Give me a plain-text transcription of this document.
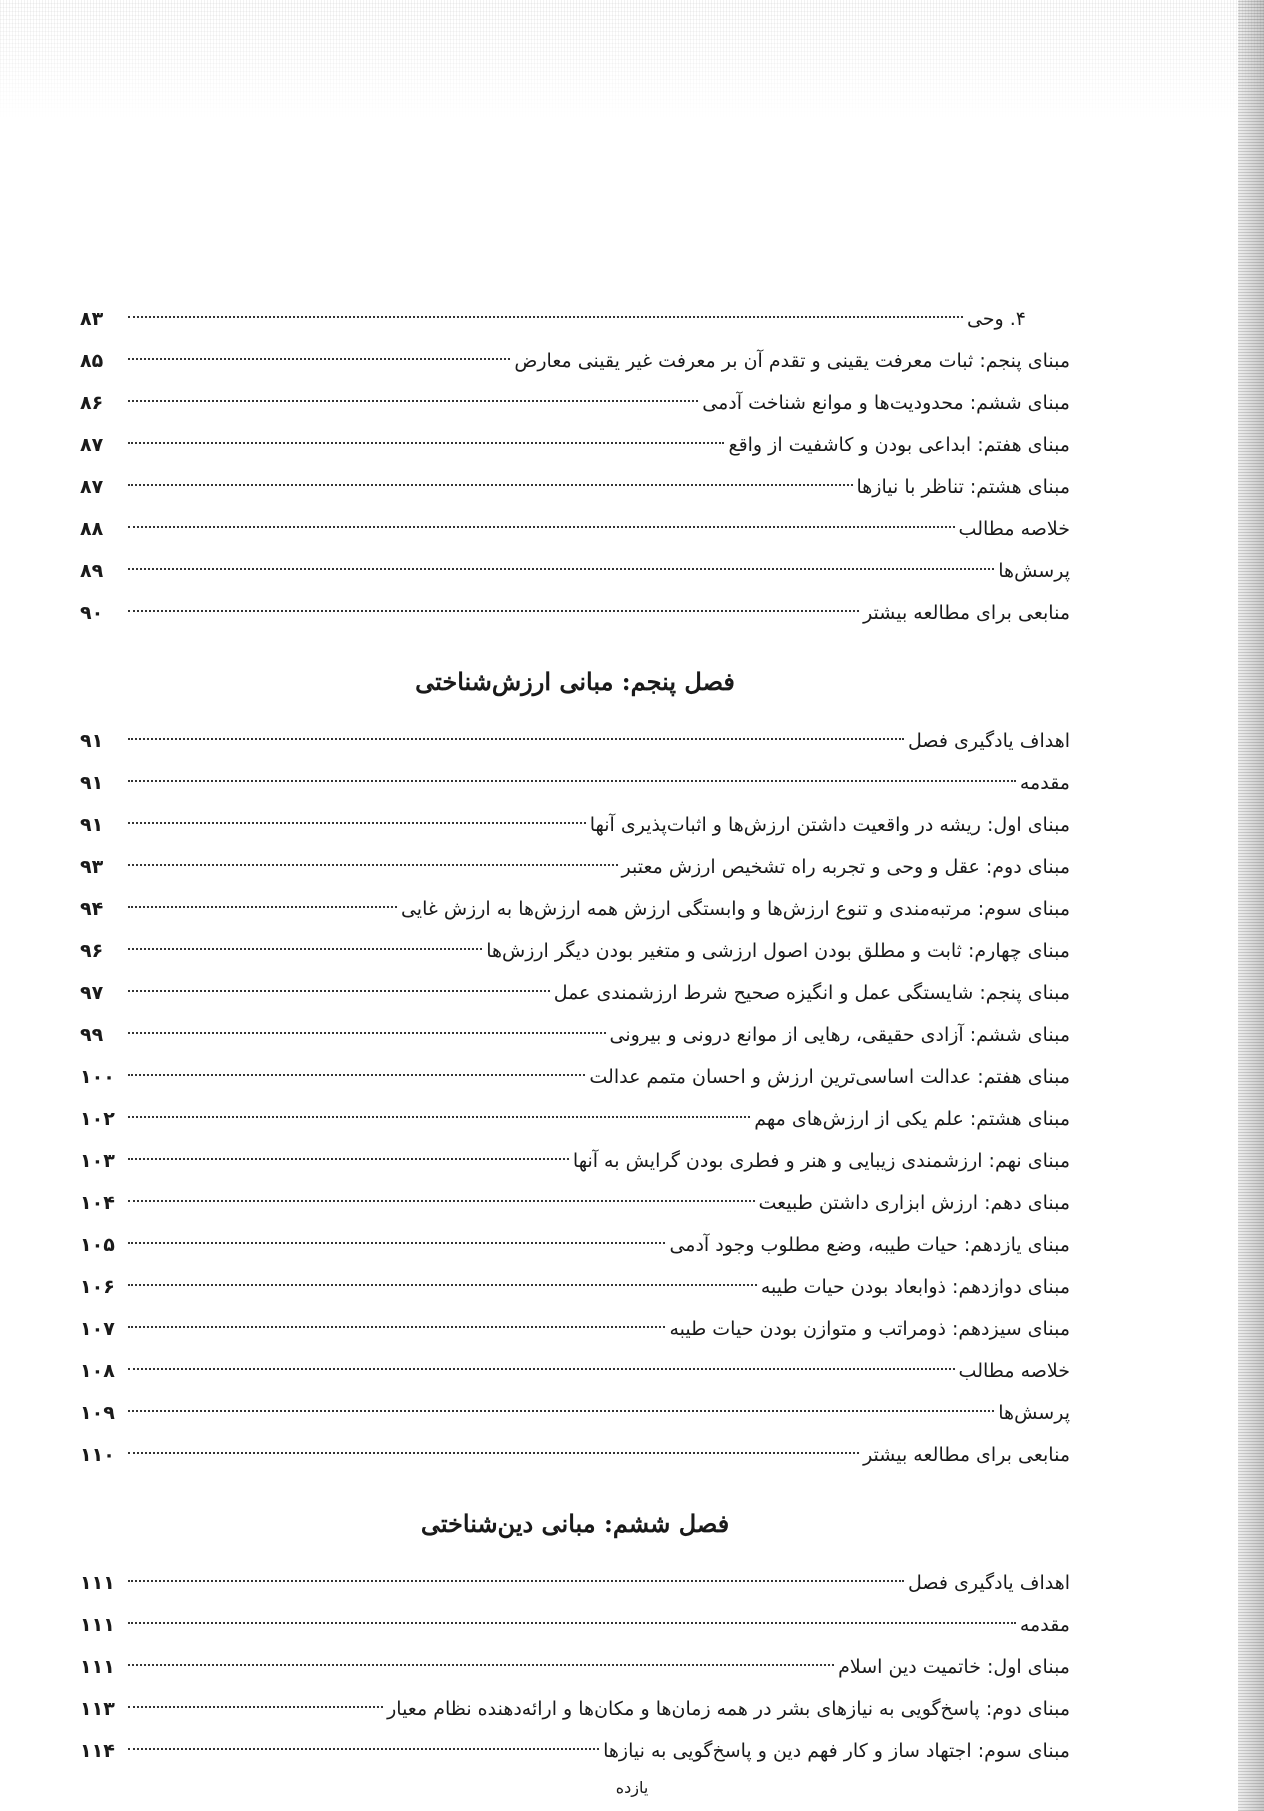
۴. وحی
۸۳
مبنای پنجم: ثبات معرفت یقینی و تقدم آن بر معرفت غیر یقینی معارض
۸۵
مبنای ششم: محدودیت‌ها و موانع شناخت آدمی
۸۶
مبنای هفتم: ابداعی بودن و کاشفیت از واقع
۸۷
مبنای هشتم: تناظر با نیازها
۸۷
خلاصه مطالب
۸۸
پرسش‌ها
۸۹
منابعی برای مطالعه بیشتر
۹۰
فصل پنجم: مبانی ارزش‌شناختی
اهداف یادگیری فصل
۹۱
مقدمه
۹۱
مبنای اول: ریشه در واقعیت داشتن ارزش‌ها و اثبات‌پذیری آنها
۹۱
مبنای دوم: عقل و وحی و تجربه راه تشخیص ارزش معتبر
۹۳
مبنای سوم: مرتبه‌مندی و تنوع ارزش‌ها و وابستگی ارزش همه ارزش‌ها به ارزش غایی
۹۴
مبنای چهارم: ثابت و مطلق بودن اصول ارزشی و متغیر بودن دیگر ارزش‌ها
۹۶
مبنای پنجم: شایستگی عمل و انگیزه صحیح شرط ارزشمندی عمل
۹۷
مبنای ششم: آزادی حقیقی، رهایی از موانع درونی و بیرونی
۹۹
مبنای هفتم: عدالت اساسی‌ترین ارزش و احسان متمم عدالت
۱۰۰
مبنای هشتم: علم یکی از ارزش‌های مهم
۱۰۲
مبنای نهم: ارزشمندی زیبایی و هنر و فطری بودن گرایش به آنها
۱۰۳
مبنای دهم: ارزش ابزاری داشتن طبیعت
۱۰۴
مبنای یازدهم: حیات طیبه، وضع مطلوب وجود آدمی
۱۰۵
مبنای دوازدهم: ذوابعاد بودن حیات طیبه
۱۰۶
مبنای سیزدهم: ذومراتب و متوازن بودن حیات طیبه
۱۰۷
خلاصه مطالب
۱۰۸
پرسش‌ها
۱۰۹
منابعی برای مطالعه بیشتر
۱۱۰
فصل ششم: مبانی دین‌شناختی
اهداف یادگیری فصل
۱۱۱
مقدمه
۱۱۱
مبنای اول: خاتمیت دین اسلام
۱۱۱
مبنای دوم: پاسخ‌گویی به نیازهای بشر در همه زمان‌ها و مکان‌ها و ارائه‌دهنده نظام معیار
۱۱۳
مبنای سوم: اجتهاد ساز و کار فهم دین و پاسخ‌گویی به نیازها
۱۱۴
یازده
